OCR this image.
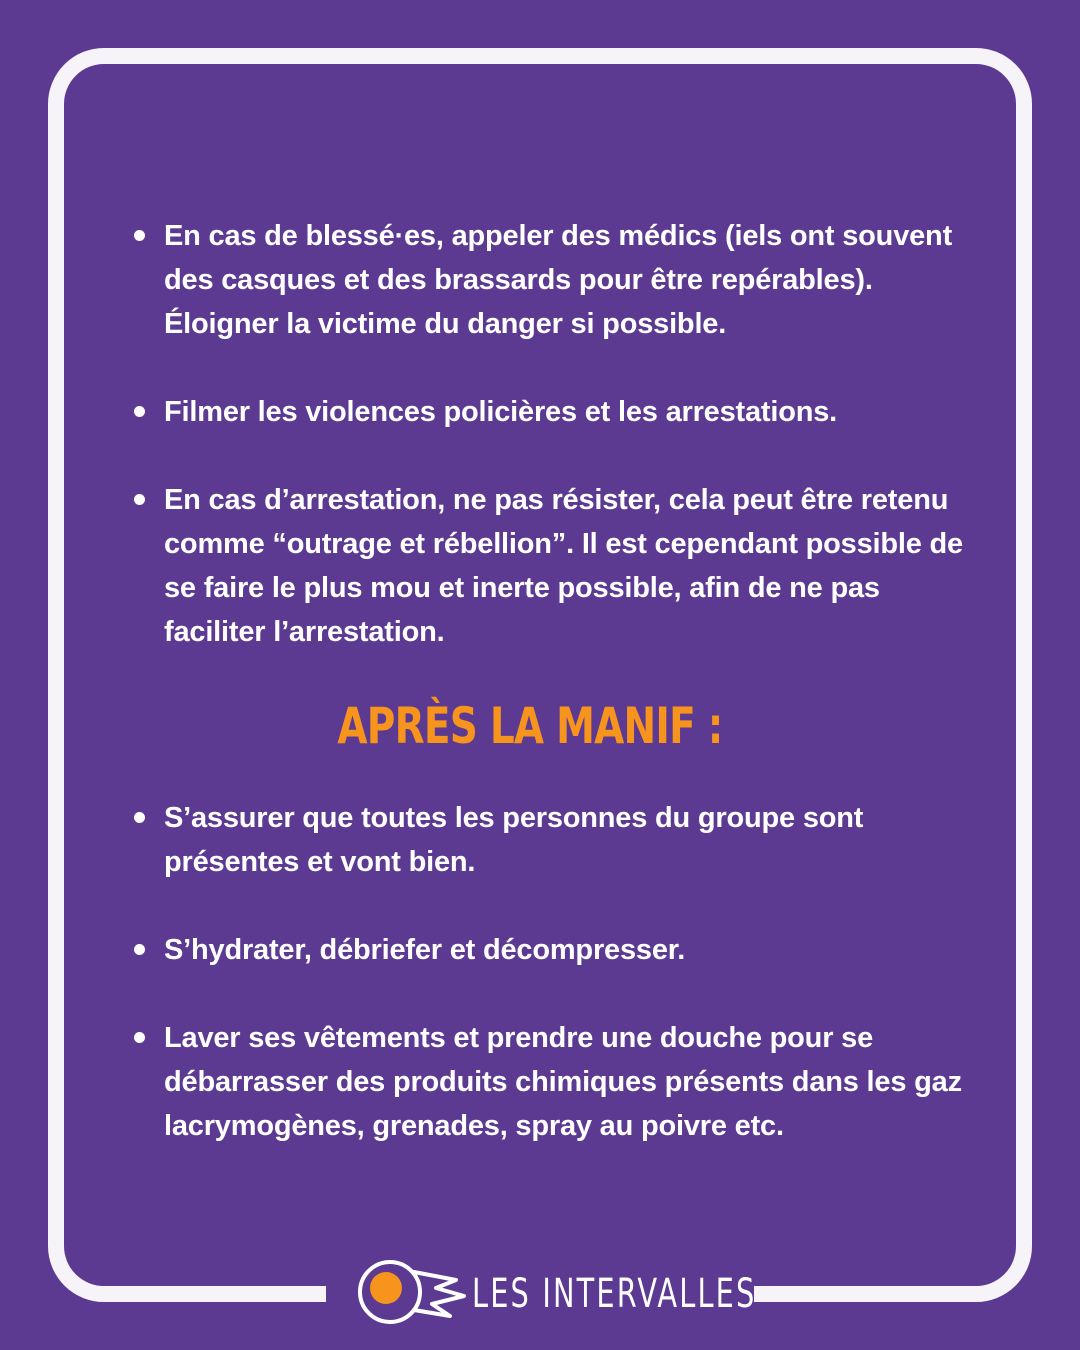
En cas de blessé·es, appeler des médics (iels ont souvent des casques et des brassards pour être repérables). Éloigner la victime du danger si possible.
Filmer les violences policières et les arrestations.
En cas d’arrestation, ne pas résister, cela peut être retenu comme “outrage et rébellion”. Il est cependant possible de se faire le plus mou et inerte possible, afin de ne pas faciliter l’arrestation.
APRÈS LA MANIF :
S’assurer que toutes les personnes du groupe sont présentes et vont bien.
S’hydrater, débriefer et décompresser.
Laver ses vêtements et prendre une douche pour se débarrasser des produits chimiques présents dans les gaz lacrymogènes, grenades, spray au poivre etc.
LES INTERVALLES
